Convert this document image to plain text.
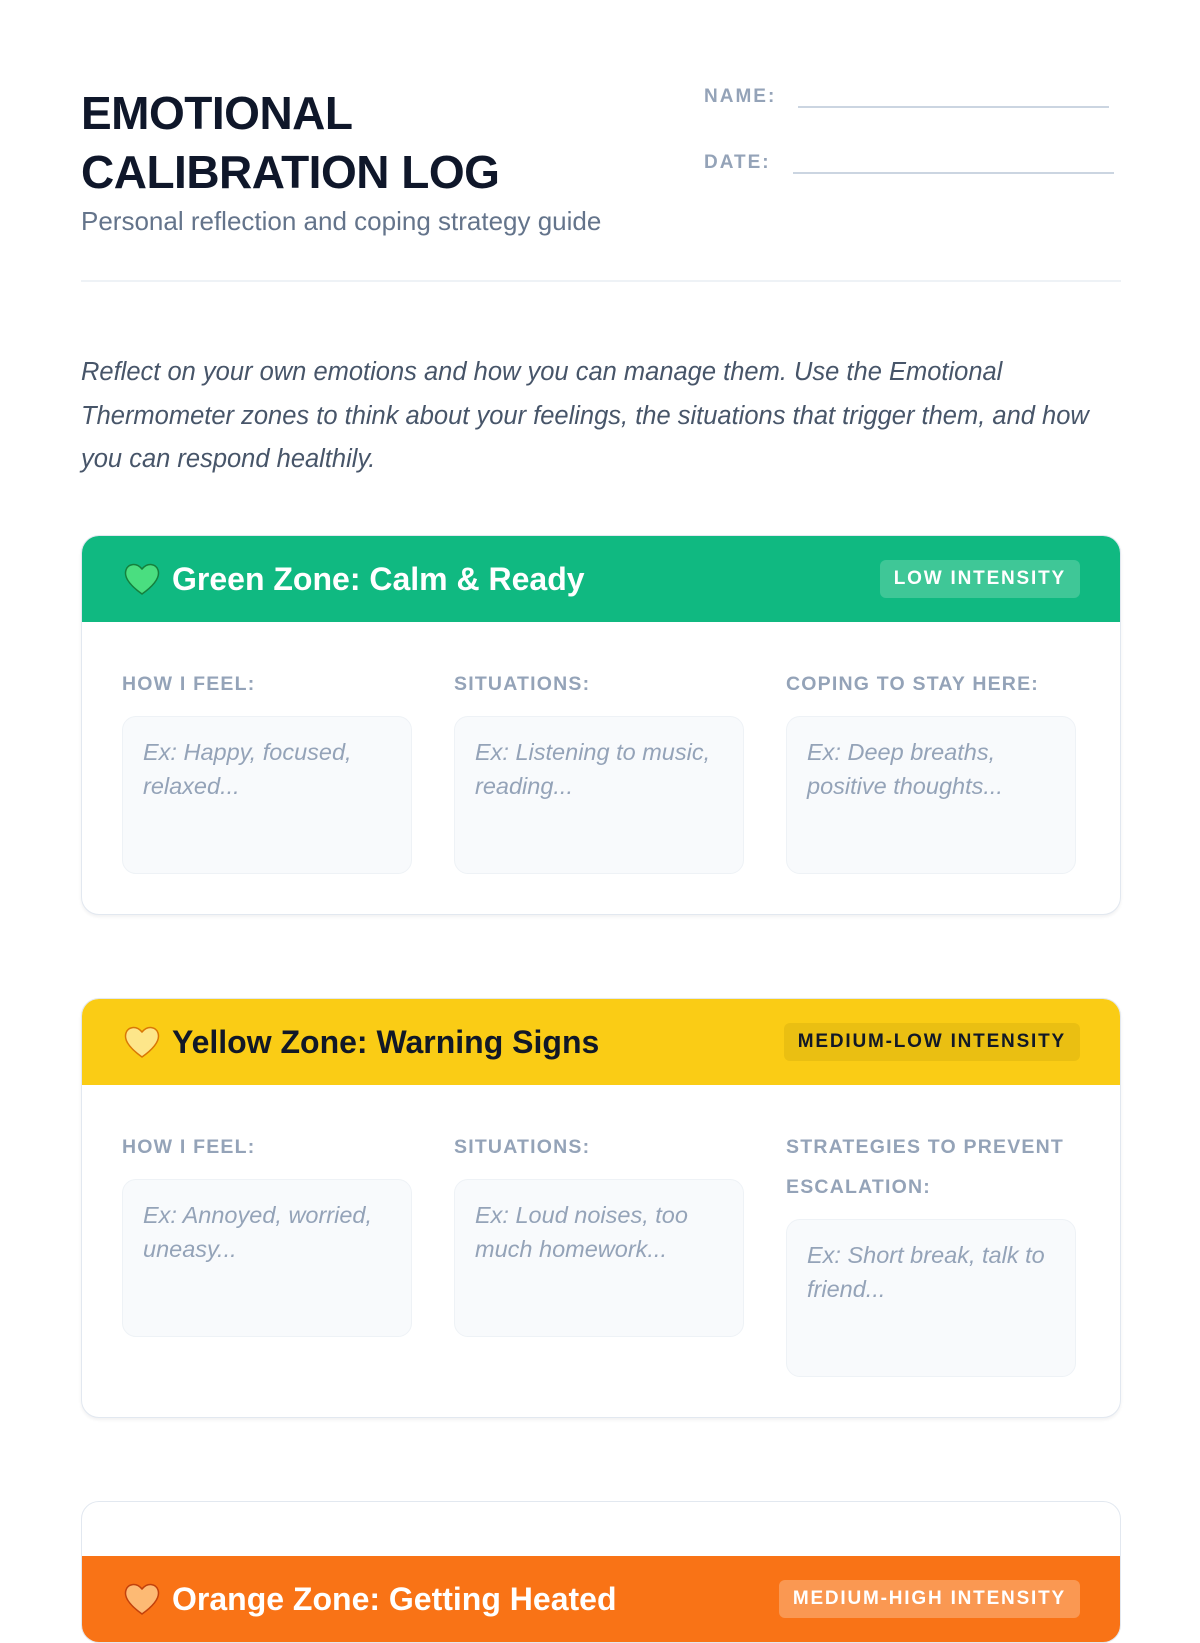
EMOTIONAL CALIBRATION LOG
Personal reflection and coping strategy guide
NAME:
DATE:

Reflect on your own emotions and how you can manage them. Use the Emotional Thermometer zones to think about your feelings, the situations that trigger them, and how you can respond healthily.

Green Zone: Calm & Ready	LOW INTENSITY
HOW I FEEL:
Ex: Happy, focused, relaxed...
SITUATIONS:
Ex: Listening to music, reading...
COPING TO STAY HERE:
Ex: Deep breaths, positive thoughts...
Yellow Zone: Warning Signs	MEDIUM-LOW INTENSITY
HOW I FEEL:
Ex: Annoyed, worried, uneasy...
SITUATIONS:
Ex: Loud noises, too much homework...
STRATEGIES TO PREVENT ESCALATION:
Ex: Short break, talk to friend...
Orange Zone: Getting Heated	MEDIUM-HIGH INTENSITY
